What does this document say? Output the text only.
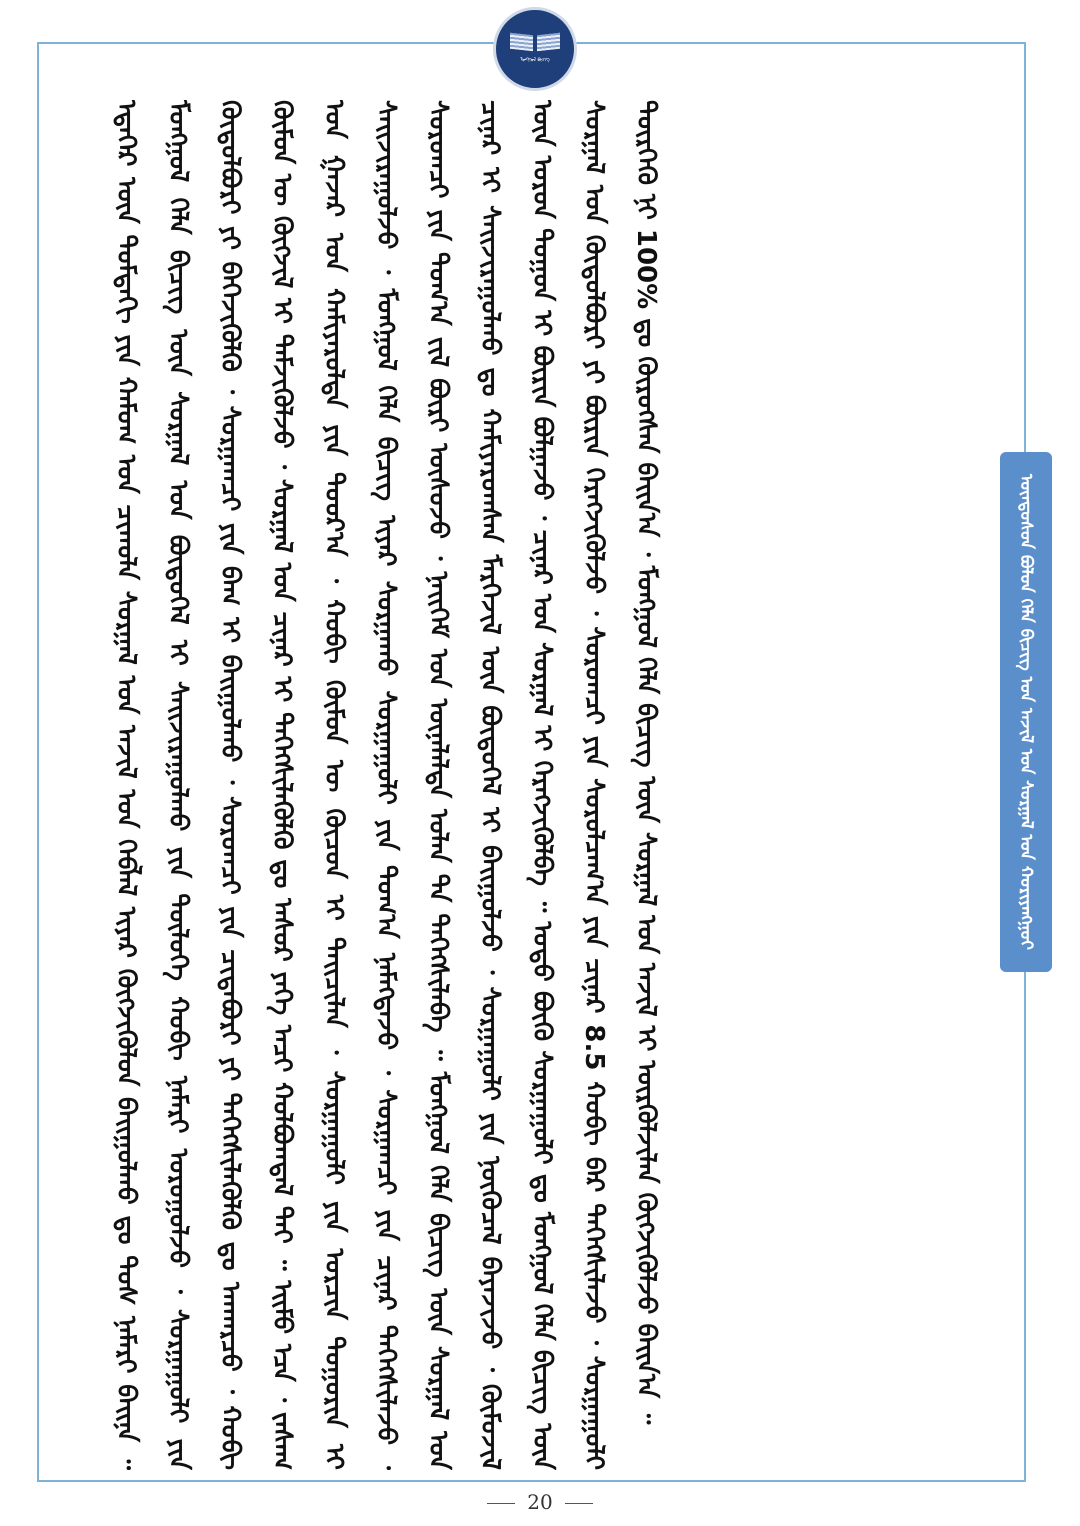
ᠮᠣᠩᠭᠣᠯ ᠪᠢᠴᠢᠭ
ᠡᠳᠡᠭᠡᠷ ᠦᠨ ᠳᠤᠮᠳᠠᠬᠢ ᠶᠢᠨ ᠬᠠᠮᠤᠭ ᠤᠨ ᠴᠢᠬᠤᠯᠠ ᠰᠤᠷᠭᠠᠯ ᠤᠨ ᠠᠵᠢᠯ ᠤᠨ ᠬᠡᠪᠯᠡᠯ ᠢᠶᠡᠷ ᠬᠥᠭᠵᠢᠭᠦᠯᠦᠨ ᠪᠠᠢᠭᠤᠯᠬᠤ ᠳᠤ ᠲᠤᠰ ᠨᠡᠮᠡᠷᠢ ᠪᠠᠢᠨᠠ ᠃ ᠮᠣᠩᠭᠣᠯ ᠬᠡᠯᠡ ᠪᠢᠴᠢᠭ ᠦᠨ ᠰᠤᠷᠭᠠᠯ ᠤᠨ ᠪᠦᠲᠦᠭᠡᠯ ᠢ ᠰᠠᠢᠵᠢᠷᠠᠭᠤᠯᠬᠤ ᠶᠢᠨ ᠲᠥᠯᠦᠭᠡ ᠬᠤᠪᠢ ᠨᠡᠮᠡᠷᠢ ᠣᠷᠤᠭᠤᠯᠵᠤ ᠂ ᠰᠤᠷᠭᠠᠭᠤᠯᠢ ᠶᠢᠨ ᠬᠥᠲᠥᠯᠪᠦᠷᠢ ᠶᠢ ᠪᠡᠬᠡᠵᠢᠭᠦᠯᠬᠦ ᠂ ᠰᠤᠷᠭᠠᠭᠴᠢ ᠶᠢᠨ ᠪᠠᠭ ᠢ ᠪᠠᠢᠭᠤᠯᠬᠤ ᠂ ᠰᠤᠷᠤᠭᠴᠢ ᠶᠢᠨ ᠴᠢᠳᠠᠪᠤᠷᠢ ᠶᠢ ᠳᠡᠭᠡᠭᠰᠢᠯᠡᠭᠦᠯᠬᠦ ᠳᠤ ᠠᠨᠬᠠᠷᠴᠤ ᠂ ᠬᠤᠪᠢ ᠬᠦᠮᠦᠨ ᠦ ᠬᠥᠭᠵᠢᠯ ᠢ ᠳᠡᠮᠵᠢᠭᠦᠯᠵᠦ ᠂ ᠰᠤᠷᠭᠠᠯ ᠤᠨ ᠴᠢᠨᠠᠷ ᠢ ᠳᠡᠭᠡᠭᠰᠢᠯᠡᠭᠦᠯᠬᠦ ᠳᠤ ᠠᠰᠤᠷ ᠶᠡᠬᠡ ᠠᠴᠢ ᠬᠤᠯᠪᠤᠭᠳᠠᠯ ᠲᠠᠢ ᠃ ᠡᠢᠮᠤ ᠡᠴᠡ ᠂ ᠵᠠᠰᠠᠭ ᠤᠨ ᠭᠠᠵᠠᠷ ᠤᠨ ᠬᠠᠮᠢᠶᠠᠷᠤᠯᠲᠠ ᠶᠢᠨ ᠳᠣᠣᠷ᠎ᠠ ᠂ ᠬᠤᠪᠢ ᠬᠦᠮᠦᠨ ᠦ ᠬᠦᠴᠦᠨ ᠢ ᠳᠠᠢᠴᠢᠯᠠᠨ ᠂ ᠰᠤᠷᠭᠠᠭᠤᠯᠢ ᠶᠢᠨ ᠣᠷᠴᠢᠨ ᠲᠣᠭᠣᠷᠢᠨ ᠢ ᠰᠠᠢᠵᠢᠷᠠᠭᠤᠯᠵᠤ ᠂ ᠮᠣᠩᠭᠣᠯ ᠬᠡᠯᠡ ᠪᠢᠴᠢᠭ ᠢᠶᠡᠷ ᠰᠤᠷᠭᠠᠬᠤ ᠰᠤᠷᠭᠠᠭᠤᠯᠢ ᠶᠢᠨ ᠲᠣᠭ᠎ᠠ ᠨᠡᠮᠡᠭᠳᠡᠵᠦ ᠂ ᠰᠤᠷᠭᠠᠭᠴᠢ ᠶᠢᠨ ᠴᠢᠨᠠᠷ ᠳᠡᠭᠡᠭᠰᠢᠯᠡᠵᠦ ᠂ ᠰᠤᠷᠤᠭᠴᠢ ᠶᠢᠨ ᠲᠣᠭ᠎ᠠ ᠵᠢᠯ ᠪᠦᠷᠢ ᠥᠰᠦᠵᠦ ᠂ ᠨᠡᠢᠭᠡᠮ ᠤᠨ ᠦᠨᠡᠯᠡᠯᠲᠡ ᠣᠯᠠᠨ ᠲᠠ ᠳᠡᠭᠡᠭᠰᠢᠯᠡᠪᠡ ᠃ ᠮᠣᠩᠭᠣᠯ ᠬᠡᠯᠡ ᠪᠢᠴᠢᠭ ᠦᠨ ᠰᠤᠷᠭᠠᠯ ᠤᠨ ᠴᠢᠨᠠᠷ ᠢ ᠰᠠᠢᠵᠢᠷᠠᠭᠤᠯᠬᠤ ᠳᠤ ᠬᠠᠮᠢᠶᠠᠷᠤᠭᠰᠠᠨ ᠮᠡᠷᠭᠡᠵᠢᠯ ᠦᠨ ᠪᠦᠲᠦᠭᠡᠯ ᠢ ᠪᠠᠢᠭᠤᠯᠵᠤ ᠂ ᠰᠤᠷᠭᠠᠭᠤᠯᠢ ᠶᠢᠨ ᠨᠥᠬᠦᠴᠡᠯ ᠪᠠᠶᠠᠵᠢᠵᠤ ᠂ ᠬᠦᠮᠦᠵᠢᠯ ᠦᠨ ᠣᠷᠤᠨ ᠲᠣᠭᠣᠨ ᠢ ᠪᠦᠷᠢᠨ ᠪᠣᠯᠭᠠᠵᠤ ᠂ ᠴᠢᠨᠠᠷ ᠤᠨ ᠰᠤᠷᠭᠠᠯ ᠢ ᠬᠡᠷᠡᠭᠵᠢᠭᠦᠯᠪᠡ ᠃ ᠣᠳᠣ ᠪᠦᠬᠦ ᠰᠤᠷᠭᠠᠭᠤᠯᠢ ᠳᠤ ᠮᠣᠩᠭᠣᠯ ᠬᠡᠯᠡ ᠪᠢᠴᠢᠭ ᠦᠨ ᠰᠤᠷᠭᠠᠯ ᠤᠨ ᠬᠥᠲᠥᠯᠪᠦᠷᠢ ᠶᠢ ᠪᠦᠷᠢᠨ ᠬᠡᠷᠡᠭᠵᠢᠭᠦᠯᠵᠦ ᠂ ᠰᠤᠷᠤᠭᠴᠢ ᠶᠢᠨ ᠰᠤᠷᠤᠯᠴᠠᠭ᠎ᠠ ᠶᠢᠨ ᠴᠢᠨᠠᠷ 8.5 ᠬᠤᠪᠢ ᠪᠡᠷ ᠳᠡᠭᠡᠭᠰᠢᠯᠡᠵᠦ ᠂ ᠰᠤᠷᠭᠠᠭᠤᠯᠢ ᠳᠦᠷᠭᠡᠬᠦ ᠨᠢ 100% ᠳᠤ ᠬᠦᠷᠦᠭᠰᠡᠨ ᠪᠠᠢᠨ᠎ᠠ ᠂ ᠮᠣᠩᠭᠣᠯ ᠬᠡᠯᠡ ᠪᠢᠴᠢᠭ ᠦᠨ ᠰᠤᠷᠭᠠᠯ ᠤᠨ ᠠᠵᠢᠯ ᠢ ᠦᠷᠭᠦᠯᠵᠢᠯᠡᠨ ᠬᠥᠭᠵᠢᠭᠦᠯᠵᠦ ᠪᠠᠢᠨ᠎ᠠ ᠃	ᠦᠨᠳᠦᠰᠦᠨ ᠪᠣᠯᠤᠨ ᠬᠡᠯᠡ ᠪᠢᠴᠢᠭ ᠤᠨ ᠠᠵᠢᠯ ᠤᠨ ᠰᠤᠷᠭᠠᠯ ᠤᠨ ᠬᠤᠷᠢᠶᠠᠩᠭᠤᠢ
20
